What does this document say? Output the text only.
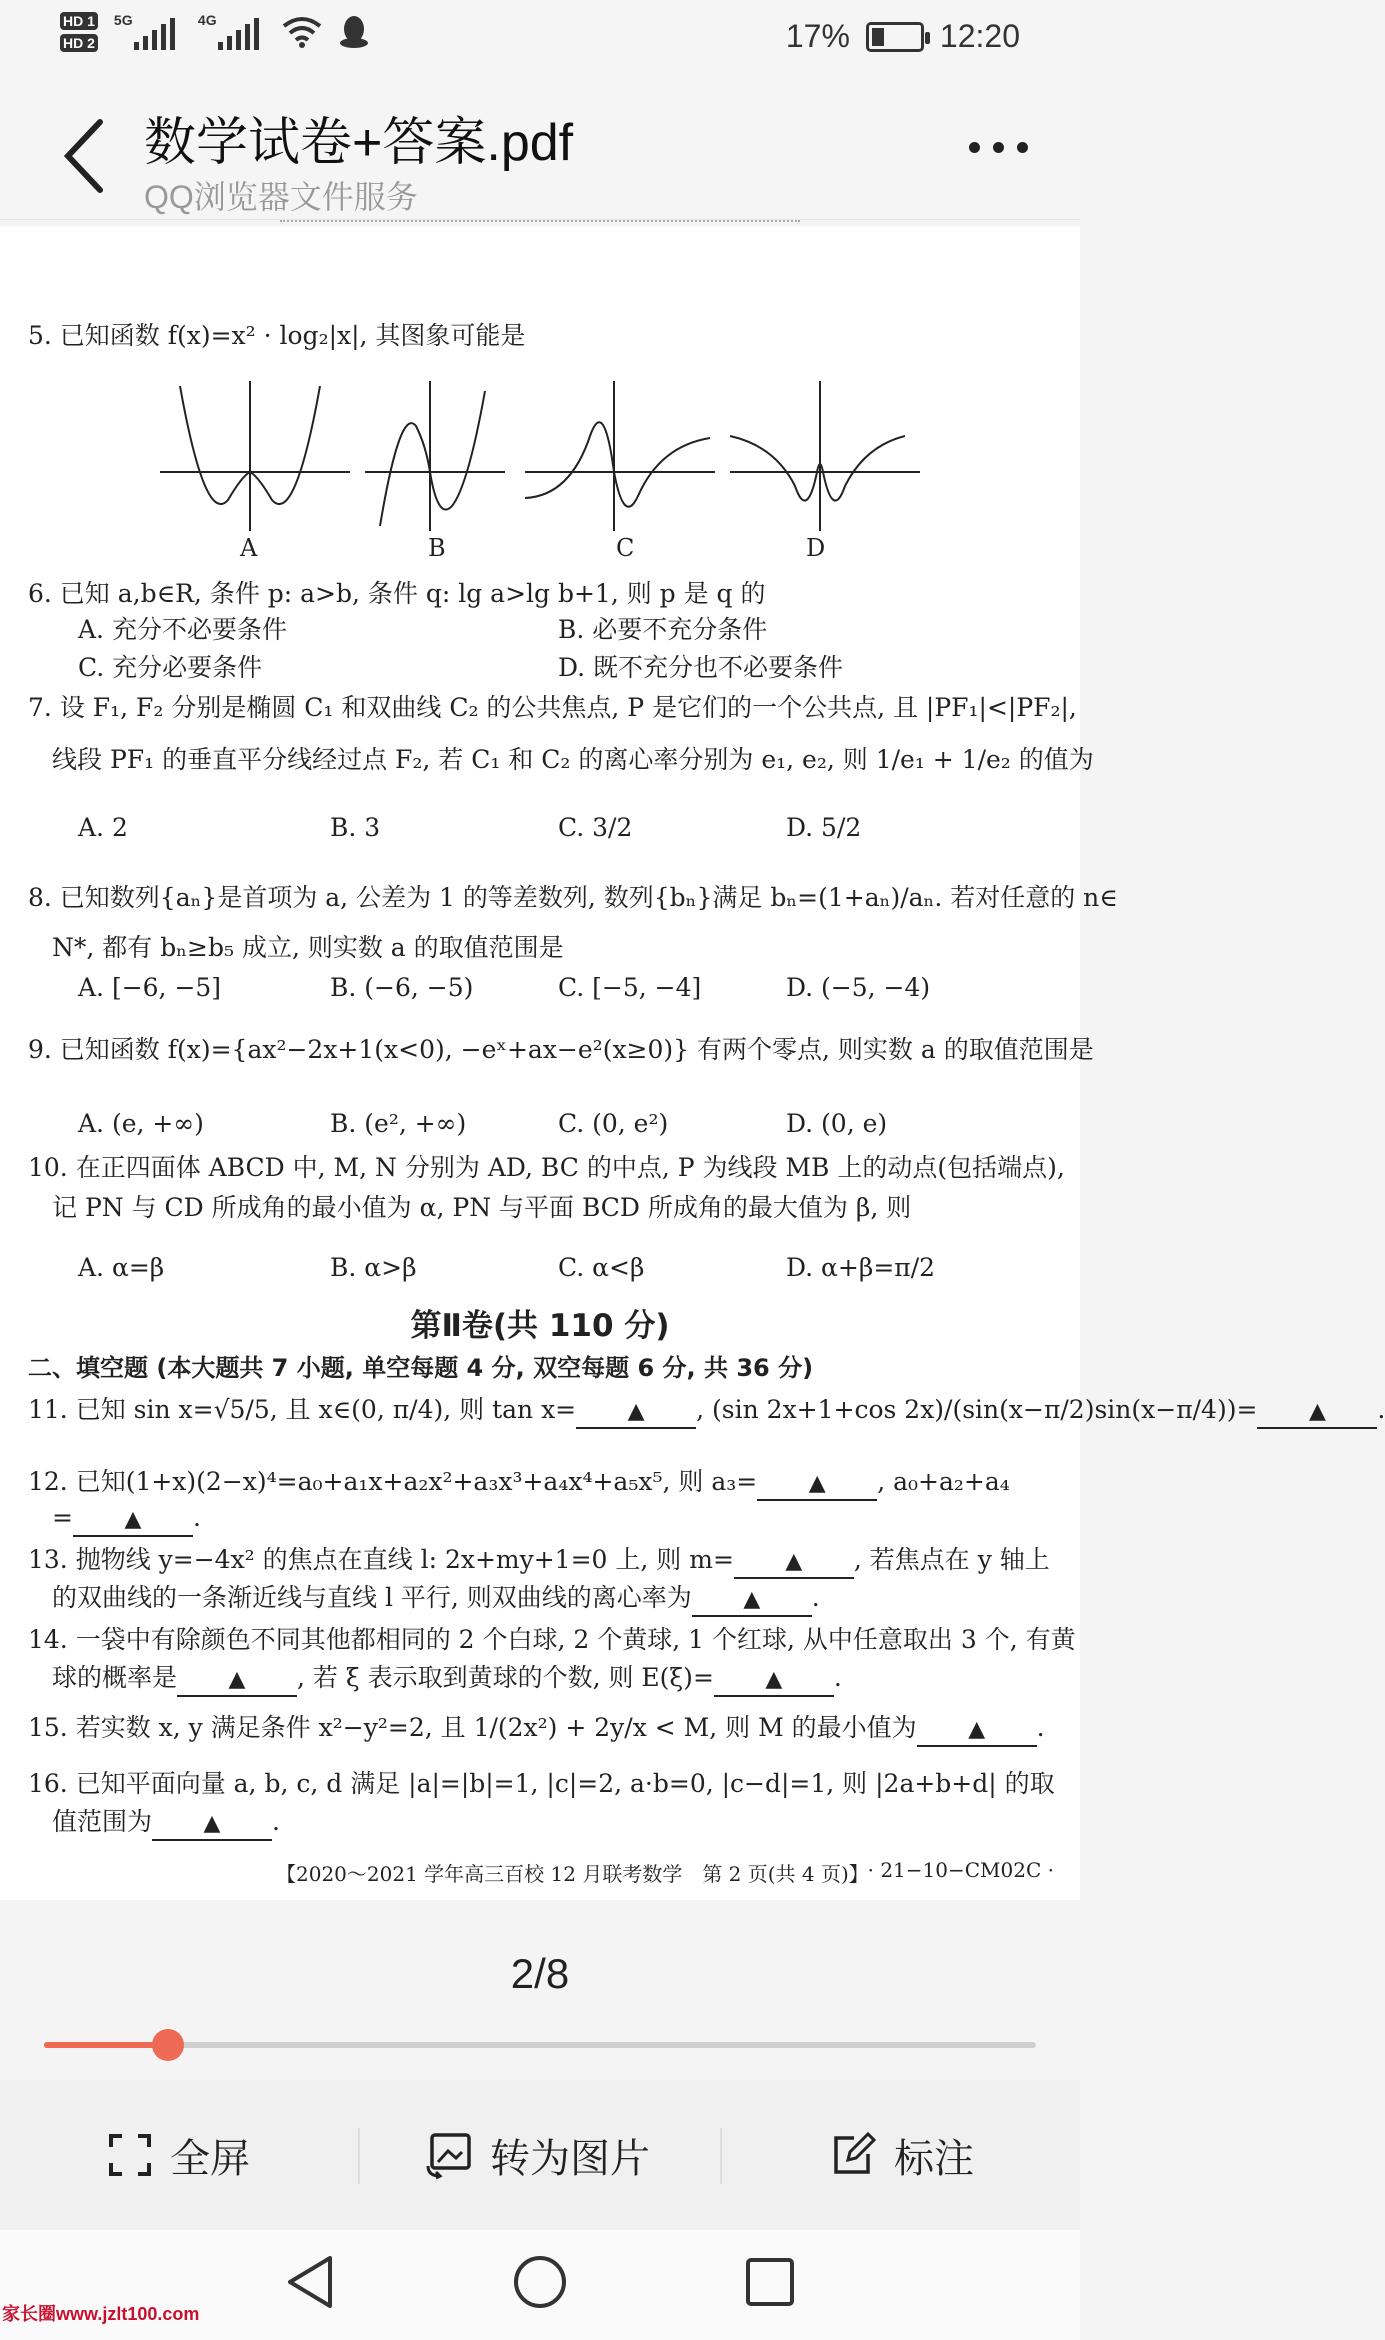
HD 1
HD 2
5G	4G	17%	12:20
数学试卷+答案.pdf
QQ浏览器文件服务
5. 已知函数 f(x)=x² · log₂|x|, 其图象可能是
A	B	C	D
6. 已知 a,b∈R, 条件 p: a>b, 条件 q: lg a>lg b+1, 则 p 是 q 的
A. 充分不必要条件	B. 必要不充分条件
C. 充分必要条件	D. 既不充分也不必要条件
7. 设 F₁, F₂ 分别是椭圆 C₁ 和双曲线 C₂ 的公共焦点, P 是它们的一个公共点, 且 |PF₁|<|PF₂|,
线段 PF₁ 的垂直平分线经过点 F₂, 若 C₁ 和 C₂ 的离心率分别为 e₁, e₂, 则 1/e₁ + 1/e₂ 的值为
A. 2	B. 3	C. 3/2	D. 5/2
8. 已知数列{aₙ}是首项为 a, 公差为 1 的等差数列, 数列{bₙ}满足 bₙ=(1+aₙ)/aₙ. 若对任意的 n∈
N*, 都有 bₙ≥b₅ 成立, 则实数 a 的取值范围是
A. [−6, −5]	B. (−6, −5)	C. [−5, −4]	D. (−5, −4)
9. 已知函数 f(x)={ax²−2x+1(x<0), −eˣ+ax−e²(x≥0)} 有两个零点, 则实数 a 的取值范围是
A. (e, +∞)	B. (e², +∞)	C. (0, e²)	D. (0, e)
10. 在正四面体 ABCD 中, M, N 分别为 AD, BC 的中点, P 为线段 MB 上的动点(包括端点),
记 PN 与 CD 所成角的最小值为 α, PN 与平面 BCD 所成角的最大值为 β, 则
A. α=β	B. α>β	C. α<β	D. α+β=π/2
第Ⅱ卷(共 110 分)
二、填空题 (本大题共 7 小题, 单空每题 4 分, 双空每题 6 分, 共 36 分)
11. 已知 sin x=√5/5, 且 x∈(0, π/4), 则 tan x= ▲ , (sin 2x+1+cos 2x)/(sin(x−π/2)sin(x−π/4))= ▲ .
12. 已知(1+x)(2−x)⁴=a₀+a₁x+a₂x²+a₃x³+a₄x⁴+a₅x⁵, 则 a₃= ▲ , a₀+a₂+a₄
= ▲ .
13. 抛物线 y=−4x² 的焦点在直线 l: 2x+my+1=0 上, 则 m= ▲ , 若焦点在 y 轴上
的双曲线的一条渐近线与直线 l 平行, 则双曲线的离心率为 ▲ .
14. 一袋中有除颜色不同其他都相同的 2 个白球, 2 个黄球, 1 个红球, 从中任意取出 3 个, 有黄
球的概率是 ▲ , 若 ξ 表示取到黄球的个数, 则 E(ξ)= ▲ .
15. 若实数 x, y 满足条件 x²−y²=2, 且 1/(2x²) + 2y/x < M, 则 M 的最小值为 ▲ .
16. 已知平面向量 a, b, c, d 满足 |a|=|b|=1, |c|=2, a·b=0, |c−d|=1, 则 |2a+b+d| 的取
值范围为 ▲ .
【2020～2021 学年高三百校 12 月联考数学　第 2 页(共 4 页)】
· 21−10−CM02C ·
2/8
全屏	转为图片	标注
家长圈www.jzlt100.com
